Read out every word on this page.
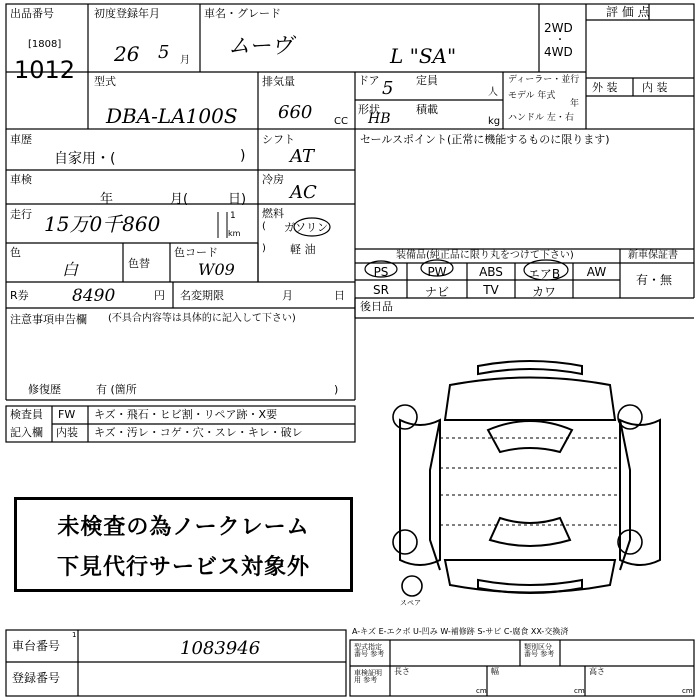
出品番号
[1808]
1012
初度登録年月
26 5 月
車名・グレード
ムーヴ	L "SA"
2WD
・
4WD
評 価 点
型式
DBA-LA100S
排気量
660 CC
ドア 5 定員
人
形状
HB
積載
kg
ディーラー・並行
モデル 年式
年
ハンドル 左・右
外 装 内 装
車歴
自家用・(	)
シフト
AT
車検
年	月(	日)
冷房
AC
走行 15万0千860	1
km
燃料
( ガソリン
) 軽 油
色
白	色替
色コード
W09
R券	8490	円 名変期限	月	日
注意事項申告欄 (不具合内容等は具体的に記入して下さい)
修復歴	有 (箇所	)
検査員
記入欄
FW キズ・飛石・ヒビ割・リペア跡・X要
内装 キズ・汚レ・コゲ・穴・スレ・キレ・破レ
未検査の為ノークレーム
下見代行サービス対象外
セールスポイント(正常に機能するものに限ります)
装備品(純正品に限り丸をつけて下さい)	新車保証書
有・無
PS	PW	ABS	エアB	AW
SR	ナビ	TV	カワ
後日品
スペア
A-キズ E-エクボ U-凹み W-補修跡 S-サビ C-腐食 XX-交換済
車台番号
1
1083946
登録番号
型式指定番号 参考
類別区分番号 参考
車検証明用 参考
長さ
cm
幅
cm
高さ
cm
